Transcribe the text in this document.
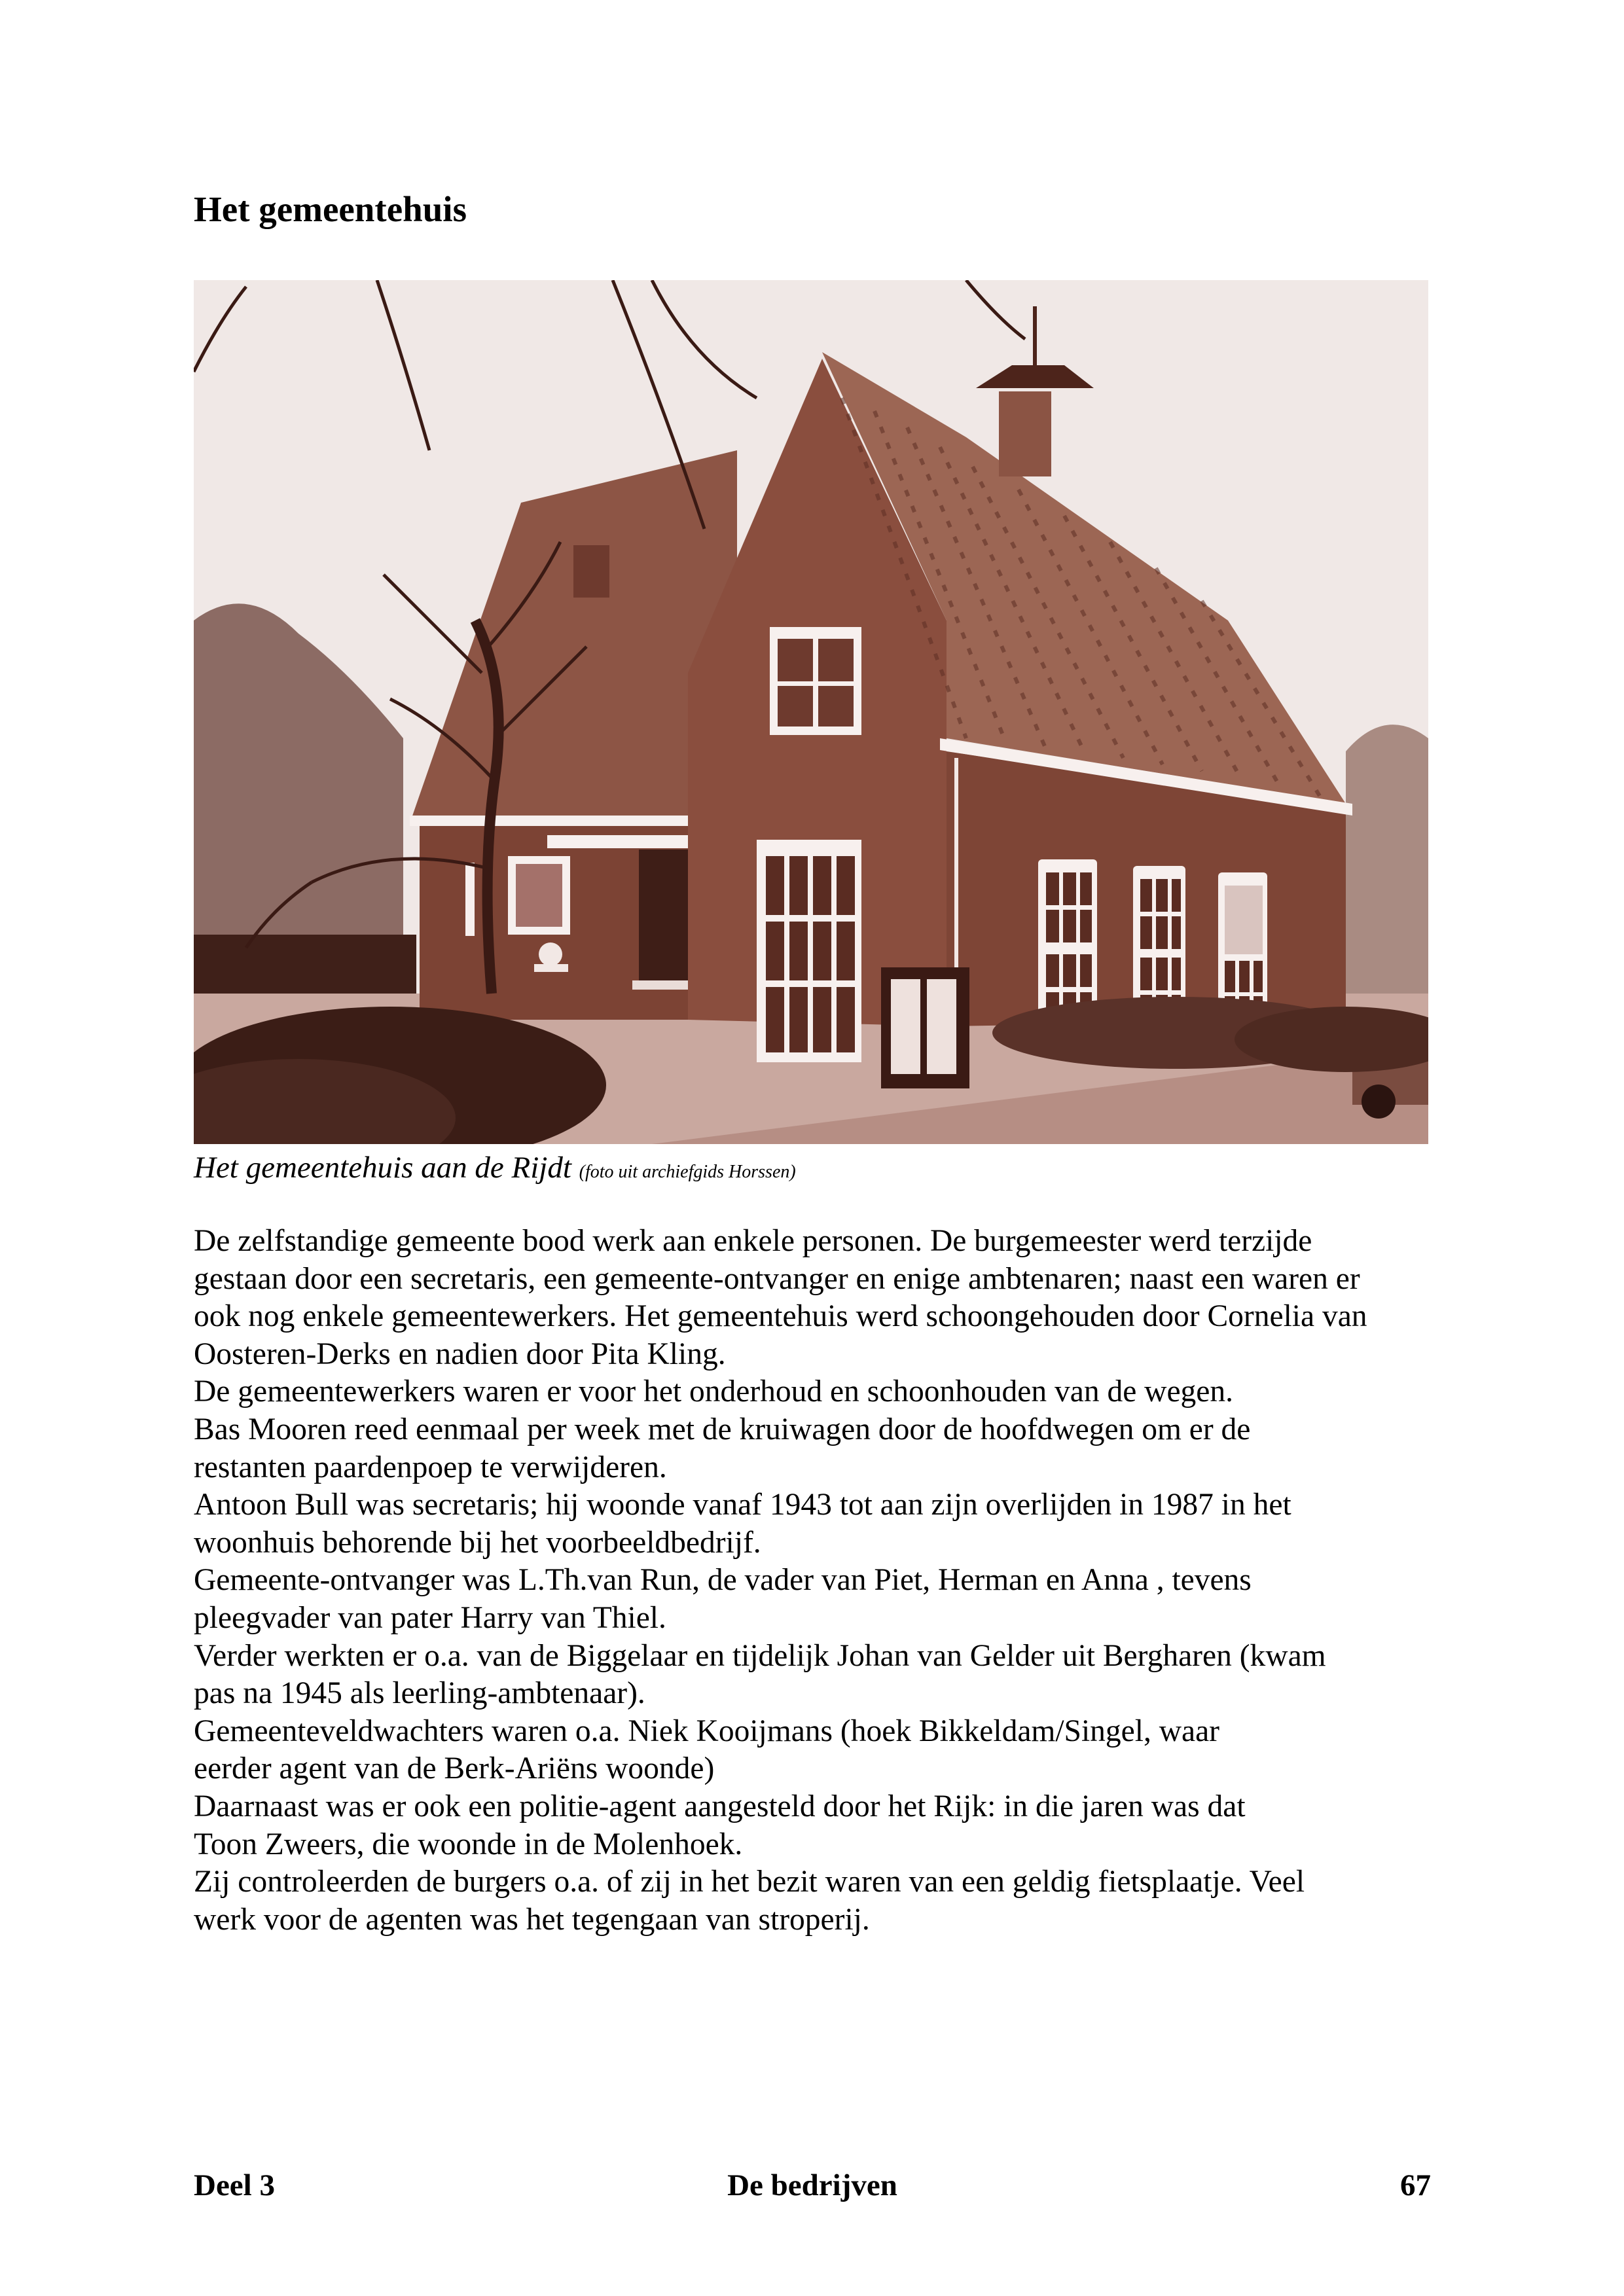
Het gemeentehuis
Het gemeentehuis aan de Rijdt (foto uit archiefgids Horssen)

De zelfstandige gemeente bood werk aan enkele personen. De burgemeester werd terzijde
gestaan door een secretaris, een gemeente-ontvanger en enige ambtenaren; naast een waren er
ook nog enkele gemeentewerkers. Het gemeentehuis werd schoongehouden door Cornelia van
Oosteren-Derks en nadien door Pita Kling.

De gemeentewerkers waren er voor het onderhoud en schoonhouden van de wegen.

Bas Mooren reed eenmaal per week met de kruiwagen door de hoofdwegen om er de
restanten paardenpoep te verwijderen.

Antoon Bull was secretaris; hij woonde vanaf 1943 tot aan zijn overlijden in 1987 in het
woonhuis behorende bij het voorbeeldbedrijf.

Gemeente-ontvanger was L.Th.van Run, de vader van Piet, Herman en Anna , tevens
pleegvader van pater Harry van Thiel.

Verder werkten er o.a. van de Biggelaar en tijdelijk Johan van Gelder uit Bergharen (kwam
pas na 1945 als leerling-ambtenaar).

Gemeenteveldwachters waren o.a. Niek Kooijmans (hoek Bikkeldam/Singel, waar
eerder agent van de Berk-Ariëns woonde)

Daarnaast was er ook een politie-agent aangesteld door het Rijk: in die jaren was dat
Toon Zweers, die woonde in de Molenhoek.

Zij controleerden de burgers o.a. of zij in het bezit waren van een geldig fietsplaatje. Veel
werk voor de agenten was het tegengaan van stroperij.

Deel 3	De bedrijven	67
